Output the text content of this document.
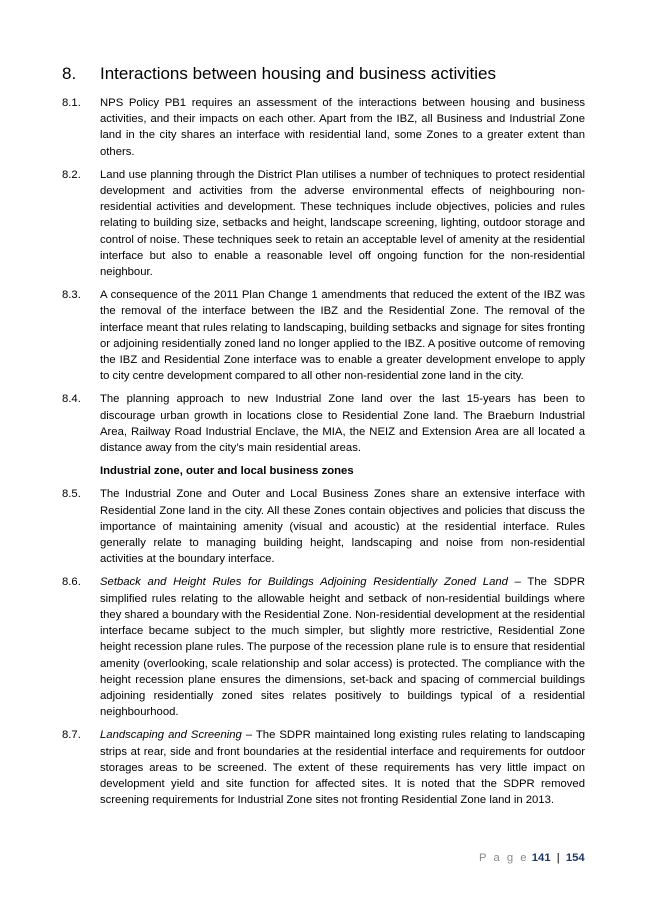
8. Interactions between housing and business activities
8.1.	NPS Policy PB1 requires an assessment of the interactions between housing and business activities, and their impacts on each other. Apart from the IBZ, all Business and Industrial Zone land in the city shares an interface with residential land, some Zones to a greater extent than others.
8.2.	Land use planning through the District Plan utilises a number of techniques to protect residential development and activities from the adverse environmental effects of neighbouring non-residential activities and development. These techniques include objectives, policies and rules relating to building size, setbacks and height, landscape screening, lighting, outdoor storage and control of noise. These techniques seek to retain an acceptable level of amenity at the residential interface but also to enable a reasonable level off ongoing function for the non-residential neighbour.
8.3.	A consequence of the 2011 Plan Change 1 amendments that reduced the extent of the IBZ was the removal of the interface between the IBZ and the Residential Zone. The removal of the interface meant that rules relating to landscaping, building setbacks and signage for sites fronting or adjoining residentially zoned land no longer applied to the IBZ. A positive outcome of removing the IBZ and Residential Zone interface was to enable a greater development envelope to apply to city centre development compared to all other non-residential zone land in the city.
8.4.	The planning approach to new Industrial Zone land over the last 15-years has been to discourage urban growth in locations close to Residential Zone land. The Braeburn Industrial Area, Railway Road Industrial Enclave, the MIA, the NEIZ and Extension Area are all located a distance away from the city’s main residential areas.
Industrial zone, outer and local business zones
8.5.	The Industrial Zone and Outer and Local Business Zones share an extensive interface with Residential Zone land in the city. All these Zones contain objectives and policies that discuss the importance of maintaining amenity (visual and acoustic) at the residential interface. Rules generally relate to managing building height, landscaping and noise from non-residential activities at the boundary interface.
8.6.	Setback and Height Rules for Buildings Adjoining Residentially Zoned Land – The SDPR simplified rules relating to the allowable height and setback of non-residential buildings where they shared a boundary with the Residential Zone. Non-residential development at the residential interface became subject to the much simpler, but slightly more restrictive, Residential Zone height recession plane rules. The purpose of the recession plane rule is to ensure that residential amenity (overlooking, scale relationship and solar access) is protected. The compliance with the height recession plane ensures the dimensions, set-back and spacing of commercial buildings adjoining residentially zoned sites relates positively to buildings typical of a residential neighbourhood.
8.7.	Landscaping and Screening – The SDPR maintained long existing rules relating to landscaping strips at rear, side and front boundaries at the residential interface and requirements for outdoor storages areas to be screened. The extent of these requirements has very little impact on development yield and site function for affected sites. It is noted that the SDPR removed screening requirements for Industrial Zone sites not fronting Residential Zone land in 2013.
P a g e 141 | 154
